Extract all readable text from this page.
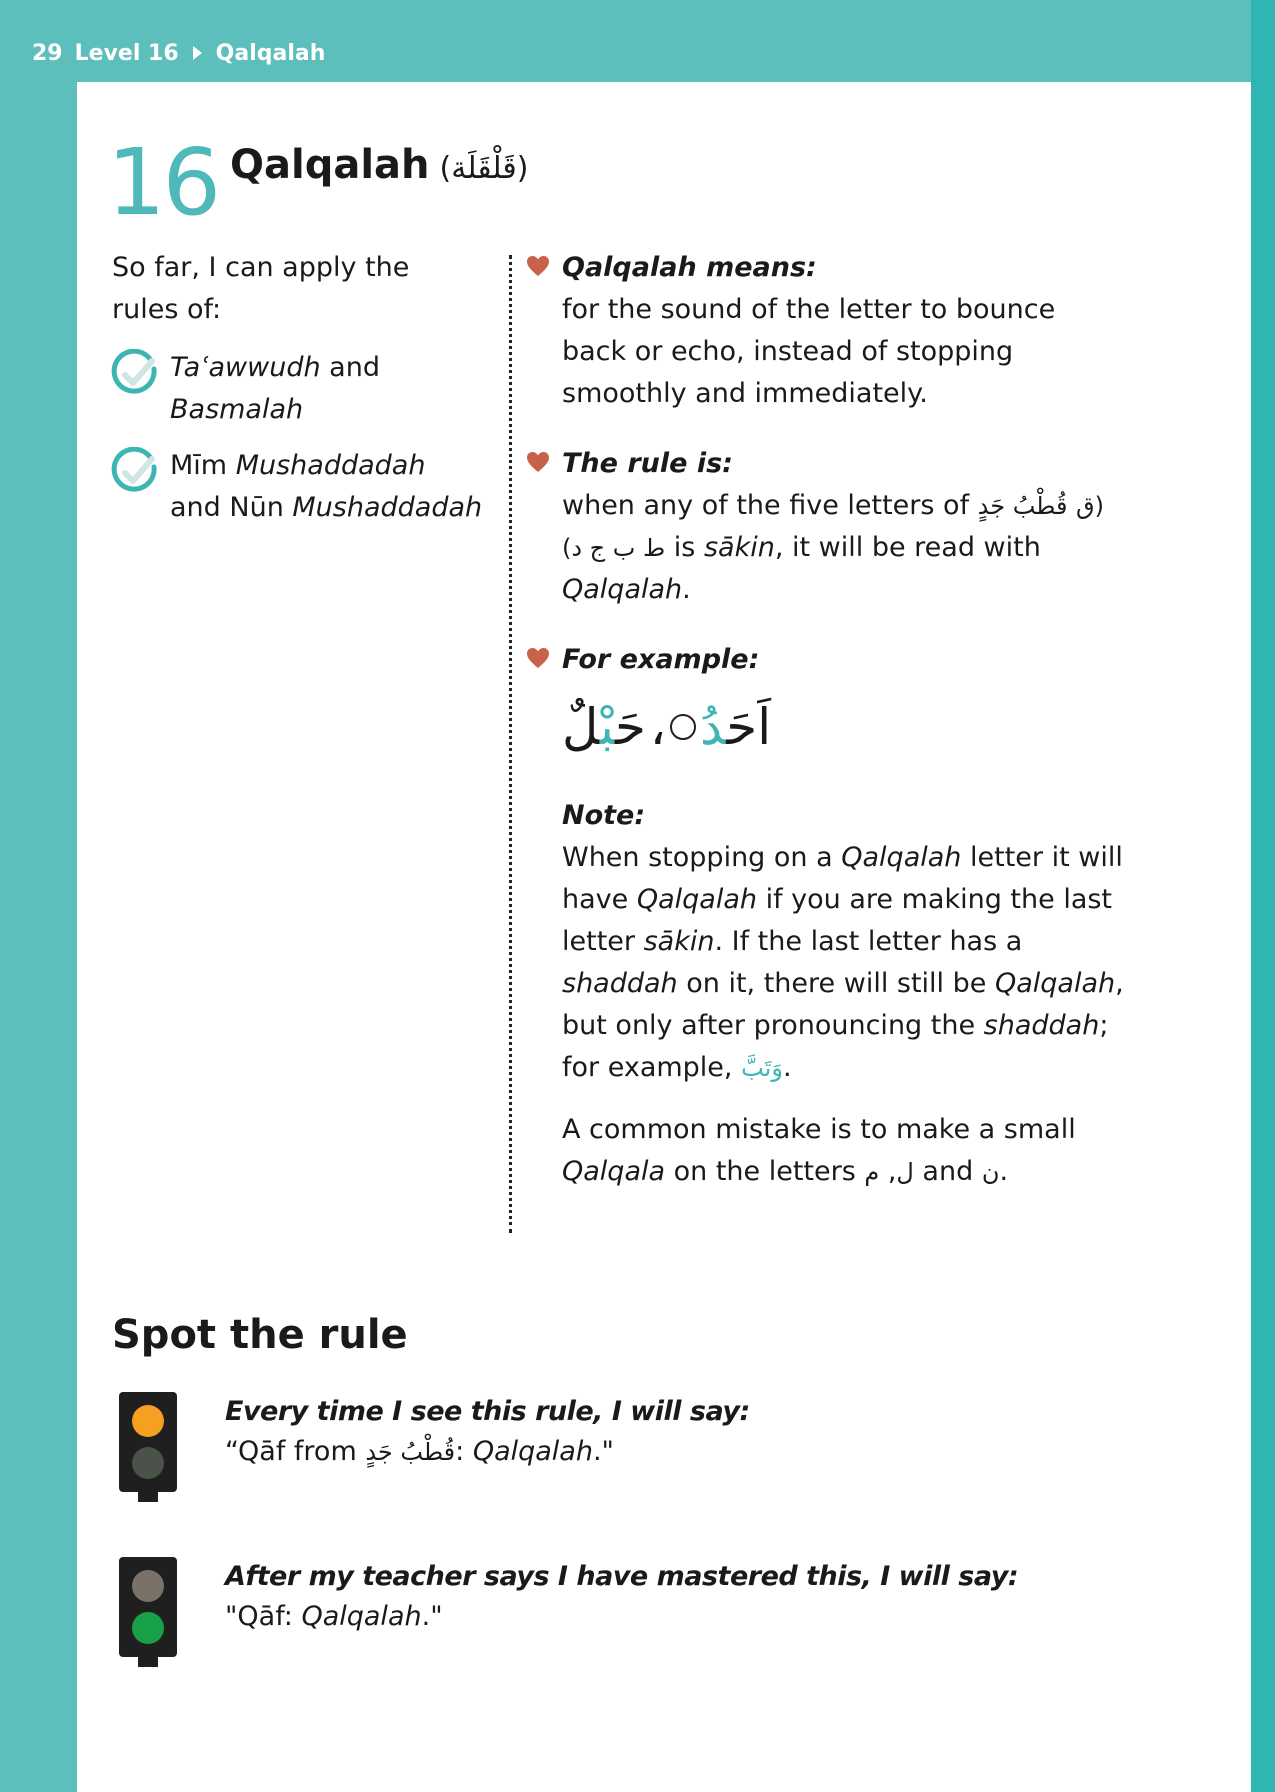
29 Level 16 Qalqalah
16 Qalqalah (قَلْقَلَة)
So far, I can apply the rules of:
Taʿawwudh and
Basmalah
Mīm Mushaddadah
and Nūn Mushaddadah
Qalqalah means:

for the sound of the letter to bounce back or echo, instead of stopping smoothly and immediately.

The rule is:

when any of the five letters of قُطْبُ جَدٍ (ق ط ب ج د) is sākin, it will be read with Qalqalah.

For example:
حَبْلٌ	،	اَحَدُ
Note:

When stopping on a Qalqalah letter it will have Qalqalah if you are making the last letter sākin. If the last letter has a shaddah on it, there will still be Qalqalah, but only after pronouncing the shaddah; for example, وَتَبَّ.

A common mistake is to make a small Qalqala on the letters ل, م and ن.

Spot the rule
Every time I see this rule, I will say:

“Qāf from قُطْبُ جَدٍ: Qalqalah."

After my teacher says I have mastered this, I will say:

"Qāf: Qalqalah."
